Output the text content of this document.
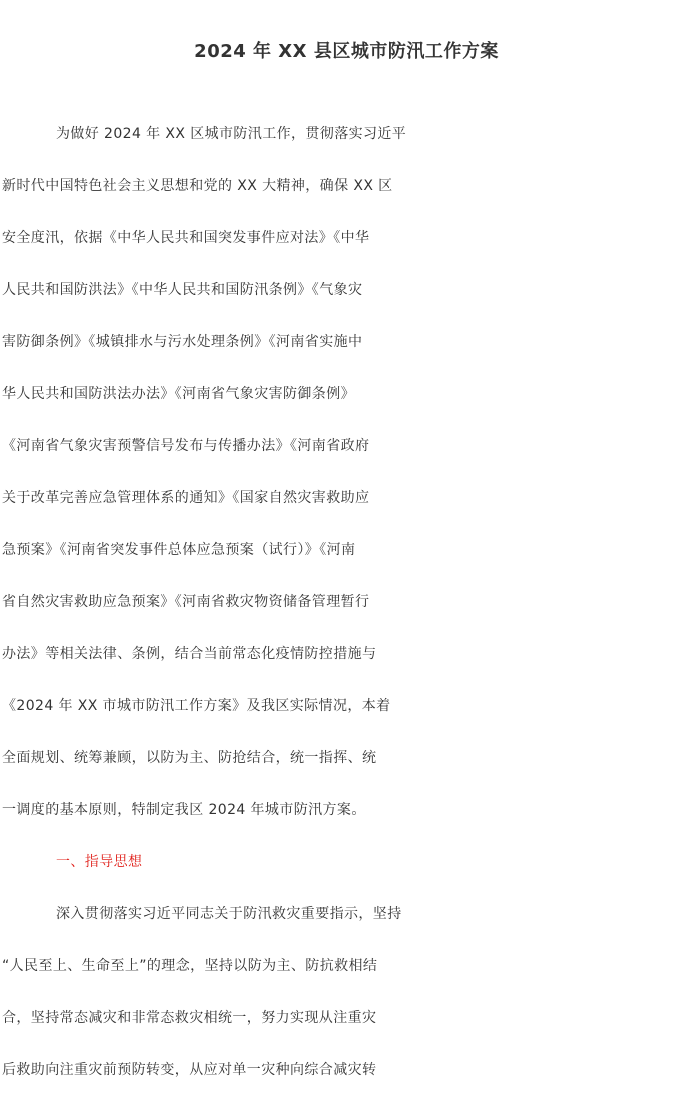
2024 年 XX 县区城市防汛工作方案
为做好 2024 年 XX 区城市防汛工作，贯彻落实习近平
新时代中国特色社会主义思想和党的 XX 大精神，确保 XX 区
安全度汛，依据《中华人民共和国突发事件应对法》《中华
人民共和国防洪法》《中华人民共和国防汛条例》《气象灾
害防御条例》《城镇排水与污水处理条例》《河南省实施中
华人民共和国防洪法办法》《河南省气象灾害防御条例》
《河南省气象灾害预警信号发布与传播办法》《河南省政府
关于改革完善应急管理体系的通知》《国家自然灾害救助应
急预案》《河南省突发事件总体应急预案（试行）》《河南
省自然灾害救助应急预案》《河南省救灾物资储备管理暂行
办法》等相关法律、条例，结合当前常态化疫情防控措施与
《2024 年 XX 市城市防汛工作方案》及我区实际情况，本着
全面规划、统筹兼顾，以防为主、防抢结合，统一指挥、统
一调度的基本原则，特制定我区 2024 年城市防汛方案。
一、指导思想
深入贯彻落实习近平同志关于防汛救灾重要指示，坚持
“人民至上、生命至上”的理念，坚持以防为主、防抗救相结
合，坚持常态减灾和非常态救灾相统一，努力实现从注重灾
后救助向注重灾前预防转变，从应对单一灾种向综合减灾转
